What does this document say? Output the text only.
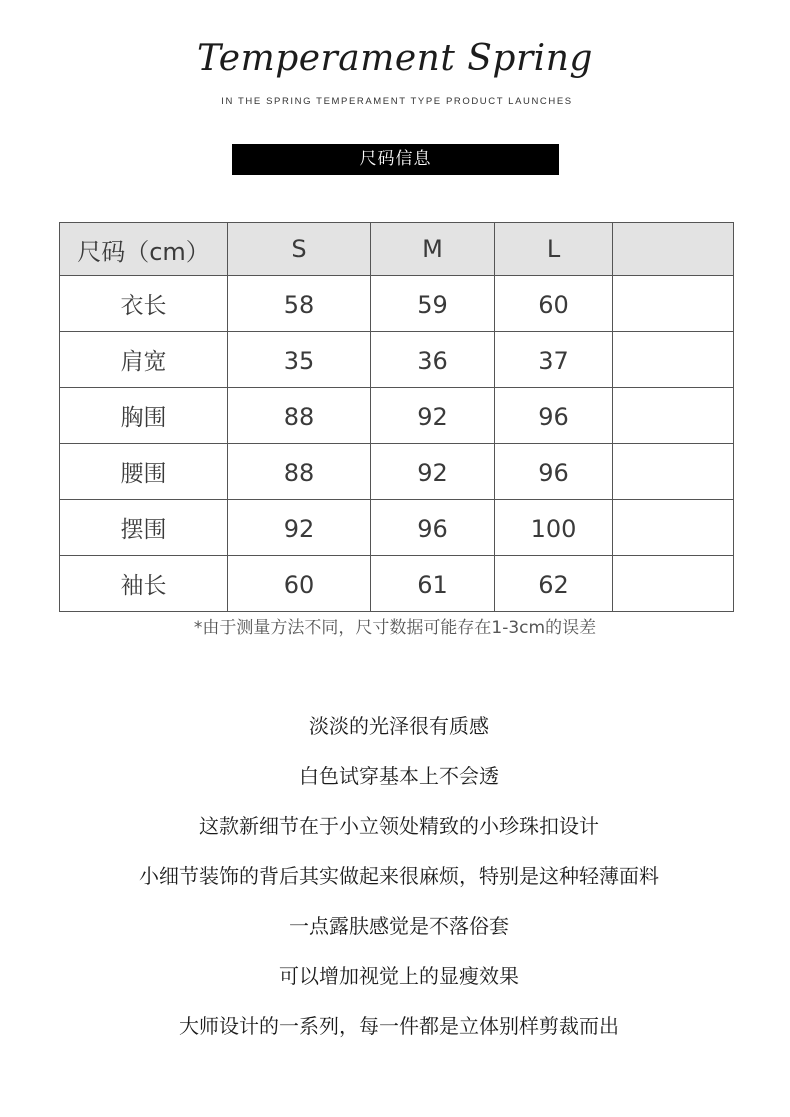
Temperament Spring
IN THE SPRING TEMPERAMENT TYPE PRODUCT LAUNCHES
尺码信息
尺码（cm）	S	M	L	
衣长	58	59	60	
肩宽	35	36	37	
胸围	88	92	96	
腰围	88	92	96	
摆围	92	96	100	
袖长	60	61	62	
*由于测量方法不同，尺寸数据可能存在1-3cm的误差
淡淡的光泽很有质感
白色试穿基本上不会透
这款新细节在于小立领处精致的小珍珠扣设计
小细节装饰的背后其实做起来很麻烦，特别是这种轻薄面料
一点露肤感觉是不落俗套
可以增加视觉上的显瘦效果
大师设计的一系列，每一件都是立体别样剪裁而出
